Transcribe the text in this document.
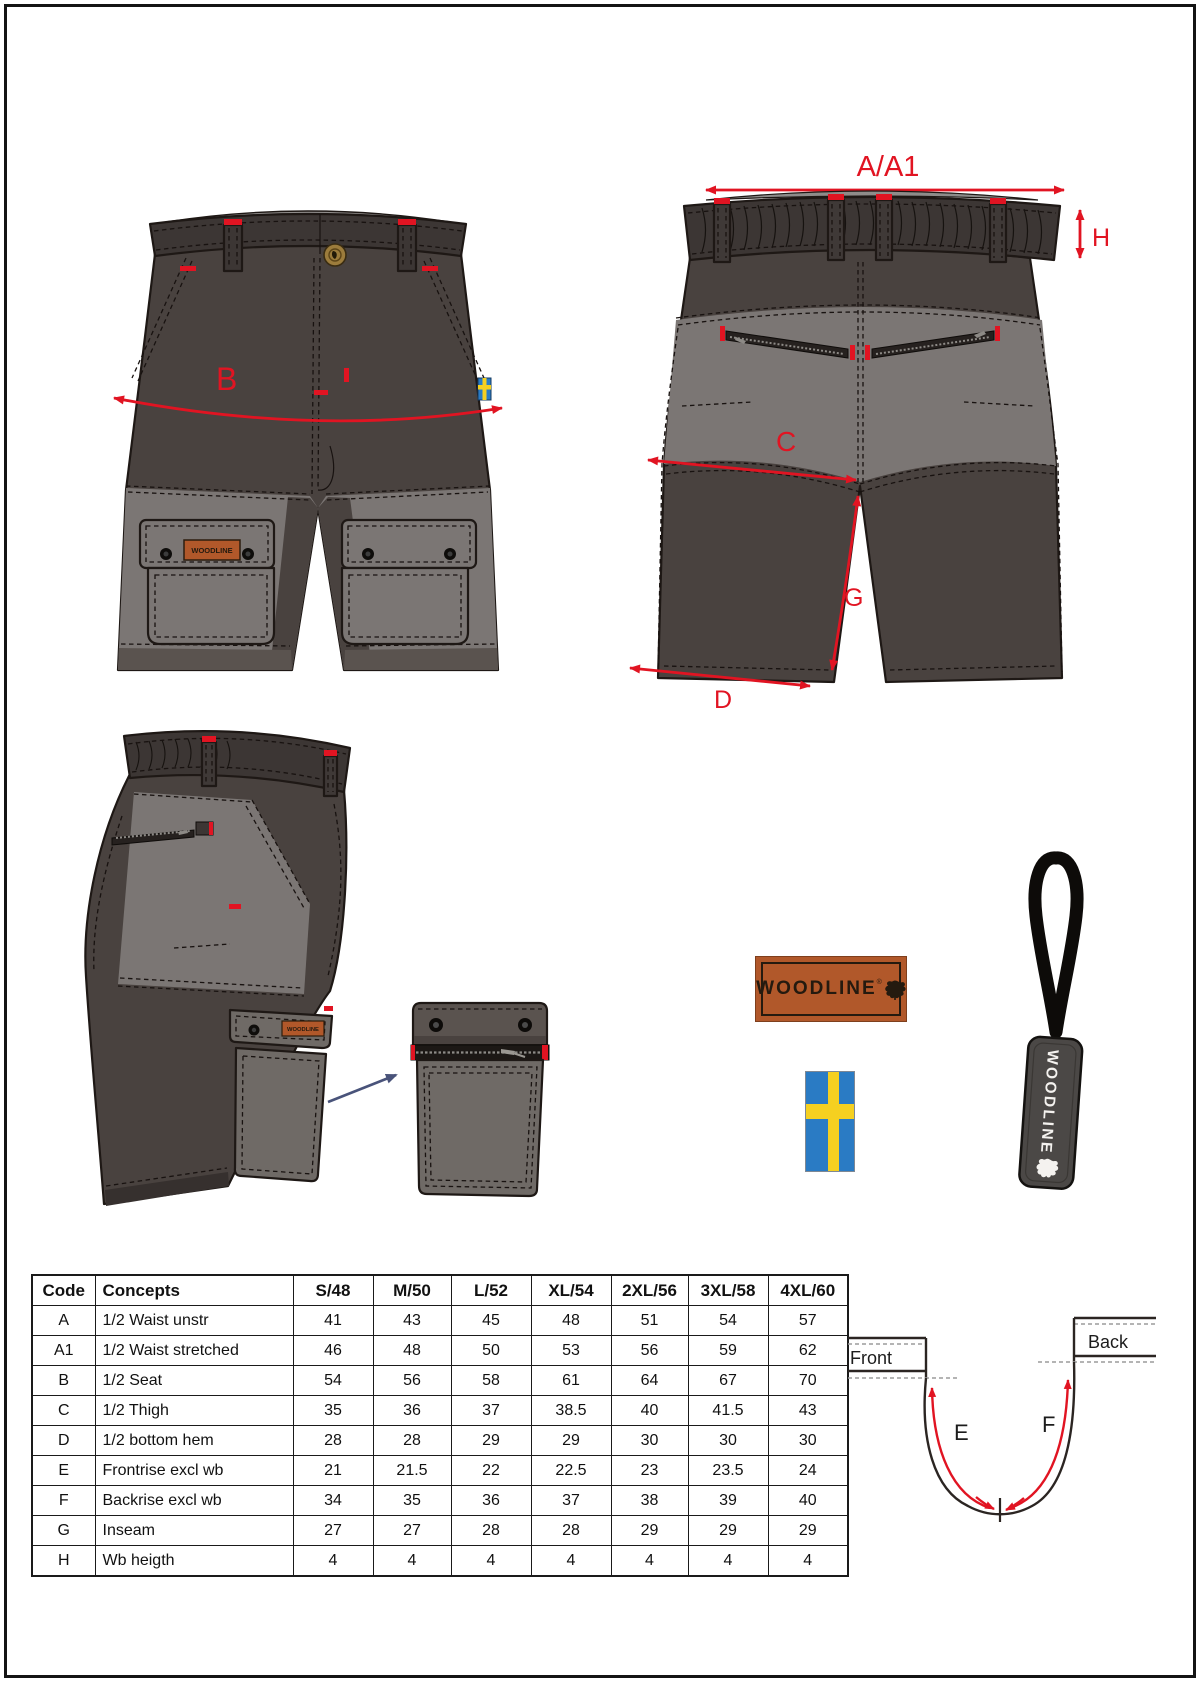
WOODLINE
B
A/A1
H
C
G
D
WOODLINE
WOODLINE ®
WOODLINE
Code	Concepts	S/48	M/50	L/52	XL/54	2XL/56	3XL/58	4XL/60
A	1/2 Waist unstr	41	43	45	48	51	54	57
A1	1/2 Waist stretched	46	48	50	53	56	59	62
B	1/2 Seat	54	56	58	61	64	67	70
C	1/2 Thigh	35	36	37	38.5	40	41.5	43
D	1/2 bottom hem	28	28	29	29	30	30	30
E	Frontrise excl wb	21	21.5	22	22.5	23	23.5	24
F	Backrise excl wb	34	35	36	37	38	39	40
G	Inseam	27	27	28	28	29	29	29
H	Wb heigth	4	4	4	4	4	4	4
Front
Back
E	F
